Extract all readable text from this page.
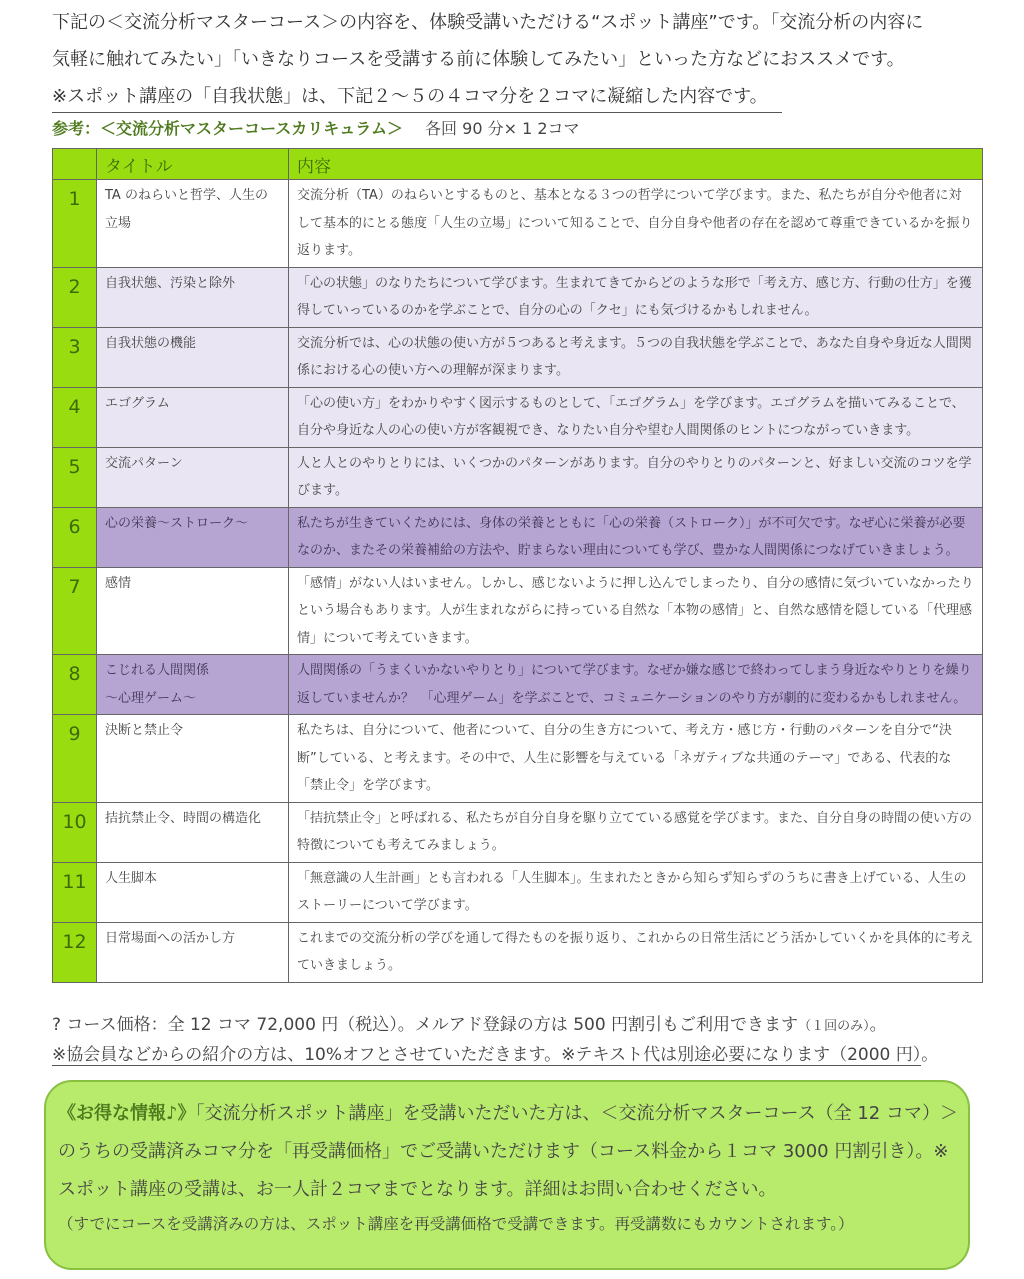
下記の＜交流分析マスターコース＞の内容を、体験受講いただける“スポット講座”です。「交流分析の内容に
気軽に触れてみたい」「いきなりコースを受講する前に体験してみたい」といった方などにおススメです。
※スポット講座の「自我状態」は、下記２～５の４コマ分を２コマに凝縮した内容です。
参考：＜交流分析マスターコースカリキュラム＞ 各回 90 分× 1 2コマ
	タイトル	内容
1	TA のねらいと哲学、人生の立場	交流分析（TA）のねらいとするものと、基本となる３つの哲学について学びます。また、私たちが自分や他者に対して基本的にとる態度「人生の立場」について知ることで、自分自身や他者の存在を認めて尊重できているかを振り返ります。
2	自我状態、汚染と除外	「心の状態」のなりたちについて学びます。生まれてきてからどのような形で「考え方、感じ方、行動の仕方」を獲得していっているのかを学ぶことで、自分の心の「クセ」にも気づけるかもしれません。
3	自我状態の機能	交流分析では、心の状態の使い方が５つあると考えます。５つの自我状態を学ぶことで、あなた自身や身近な人間関係における心の使い方への理解が深まります。
4	エゴグラム	「心の使い方」をわかりやすく図示するものとして、「エゴグラム」を学びます。エゴグラムを描いてみることで、自分や身近な人の心の使い方が客観視でき、なりたい自分や望む人間関係のヒントにつながっていきます。
5	交流パターン	人と人とのやりとりには、いくつかのパターンがあります。自分のやりとりのパターンと、好ましい交流のコツを学びます。
6	心の栄養～ストローク～	私たちが生きていくためには、身体の栄養とともに「心の栄養（ストローク）」が不可欠です。なぜ心に栄養が必要なのか、またその栄養補給の方法や、貯まらない理由についても学び、豊かな人間関係につなげていきましょう。
7	感情	「感情」がない人はいません。しかし、感じないように押し込んでしまったり、自分の感情に気づいていなかったりという場合もあります。人が生まれながらに持っている自然な「本物の感情」と、自然な感情を隠している「代理感情」について考えていきます。
8	こじれる人間関係
～心理ゲーム～	人間関係の「うまくいかないやりとり」について学びます。なぜか嫌な感じで終わってしまう身近なやりとりを繰り返していませんか？　「心理ゲーム」を学ぶことで、コミュニケーションのやり方が劇的に変わるかもしれません。
9	決断と禁止令	私たちは、自分について、他者について、自分の生き方について、考え方・感じ方・行動のパターンを自分で“決断”している、と考えます。その中で、人生に影響を与えている「ネガティブな共通のテーマ」である、代表的な「禁止令」を学びます。
10	拮抗禁止令、時間の構造化	「拮抗禁止令」と呼ばれる、私たちが自分自身を駆り立てている感覚を学びます。また、自分自身の時間の使い方の特徴についても考えてみましょう。
11	人生脚本	「無意識の人生計画」とも言われる「人生脚本」。生まれたときから知らず知らずのうちに書き上げている、人生のストーリーについて学びます。
12	日常場面への活かし方	これまでの交流分析の学びを通して得たものを振り返り、これからの日常生活にどう活かしていくかを具体的に考えていきましょう。
? コース価格：全 12 コマ 72,000 円（税込）。メルアド登録の方は 500 円割引もご利用できます（１回のみ）。
※協会員などからの紹介の方は、10%オフとさせていただきます。※テキスト代は別途必要になります（2000 円）。
《お得な情報♪》「交流分析スポット講座」を受講いただいた方は、＜交流分析マスターコース（全 12 コマ）＞のうちの受講済みコマ分を「再受講価格」でご受講いただけます（コース料金から１コマ 3000 円割引き）。※スポット講座の受講は、お一人計２コマまでとなります。詳細はお問い合わせください。
（すでにコースを受講済みの方は、スポット講座を再受講価格で受講できます。再受講数にもカウントされます。）
